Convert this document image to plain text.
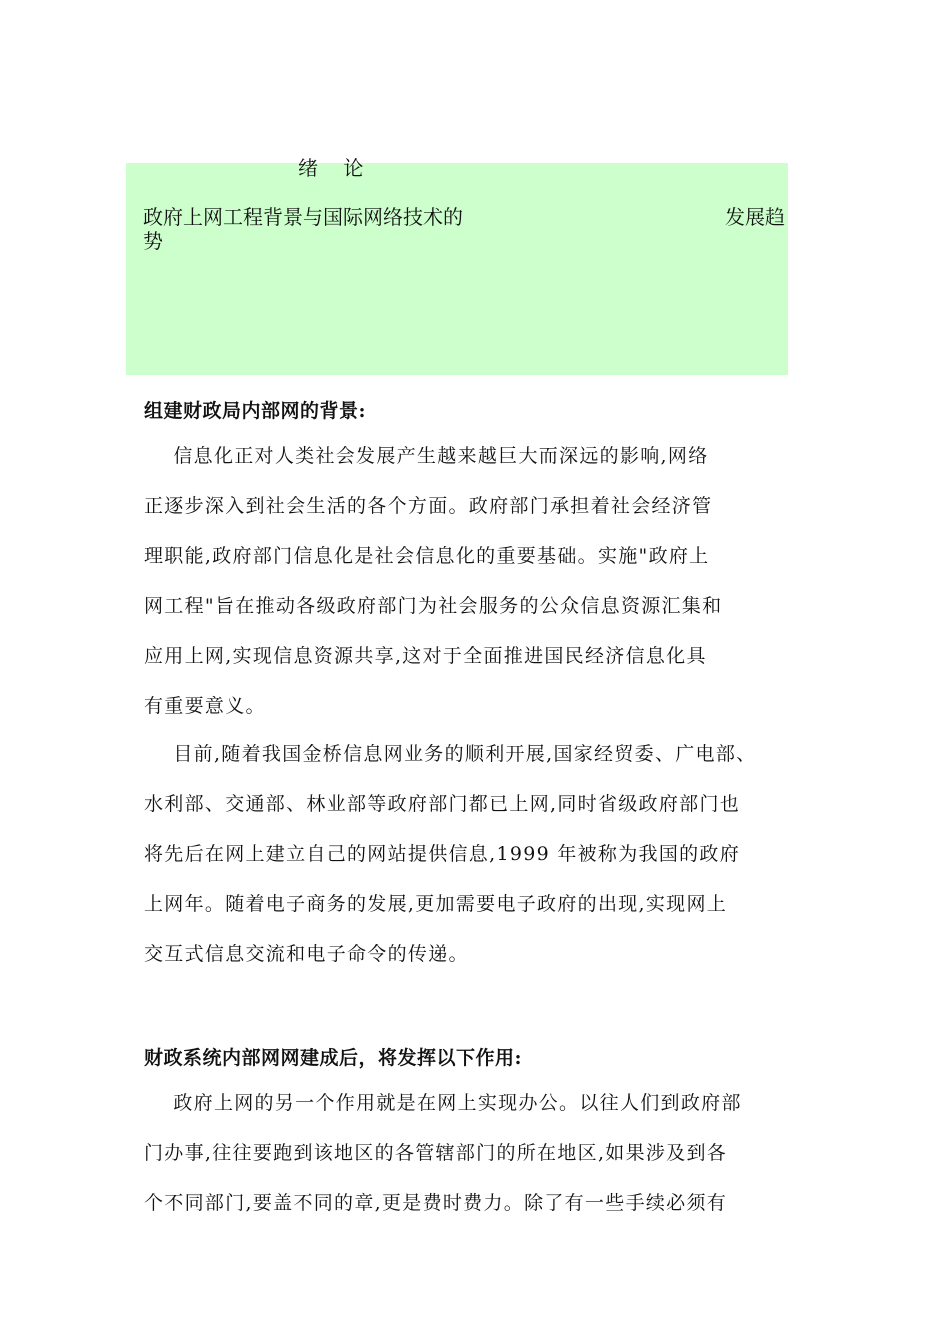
绪    论
政府上网工程背景与国际网络技术的	发展趋

势
组建财政局内部网的背景:
信息化正对人类社会发展产生越来越巨大而深远的影响,网络
正逐步深入到社会生活的各个方面。政府部门承担着社会经济管
理职能,政府部门信息化是社会信息化的重要基础。实施"政府上
网工程"旨在推动各级政府部门为社会服务的公众信息资源汇集和
应用上网,实现信息资源共享,这对于全面推进国民经济信息化具
有重要意义。
目前,随着我国金桥信息网业务的顺利开展,国家经贸委、广电部、
水利部、交通部、林业部等政府部门都已上网,同时省级政府部门也
将先后在网上建立自己的网站提供信息,1999 年被称为我国的政府
上网年。随着电子商务的发展,更加需要电子政府的出现,实现网上
交互式信息交流和电子命令的传递。
财政系统内部网网建成后，将发挥以下作用:
政府上网的另一个作用就是在网上实现办公。以往人们到政府部
门办事,往往要跑到该地区的各管辖部门的所在地区,如果涉及到各
个不同部门,要盖不同的章,更是费时费力。除了有一些手续必须有
